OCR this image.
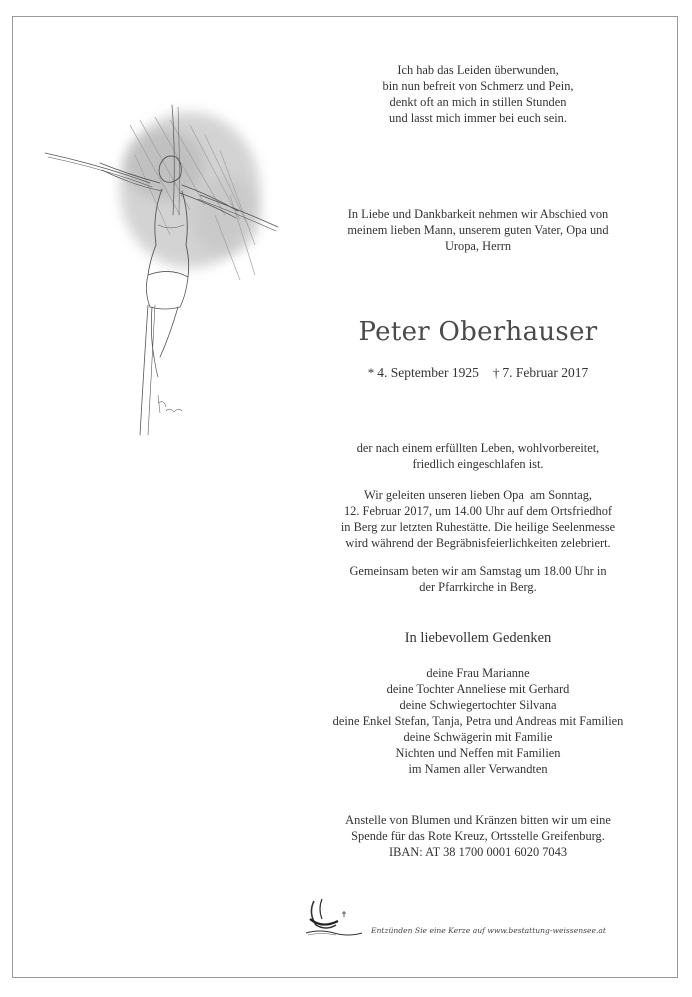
Ich hab das Leiden überwunden,
bin nun befreit von Schmerz und Pein,
denkt oft an mich in stillen Stunden
und lasst mich immer bei euch sein.
In Liebe und Dankbarkeit nehmen wir Abschied von
meinem lieben Mann, unserem guten Vater, Opa und
Uropa, Herrn
Peter Oberhauser
* 4. September 1925 † 7. Februar 2017
der nach einem erfüllten Leben, wohlvorbereitet,
friedlich eingeschlafen ist.
Wir geleiten unseren lieben Opa  am Sonntag,
12. Februar 2017, um 14.00 Uhr auf dem Ortsfriedhof
in Berg zur letzten Ruhestätte. Die heilige Seelenmesse
wird während der Begräbnisfeierlichkeiten zelebriert.
Gemeinsam beten wir am Samstag um 18.00 Uhr in
der Pfarrkirche in Berg.
In liebevollem Gedenken
deine Frau Marianne
deine Tochter Anneliese mit Gerhard
deine Schwiegertochter Silvana
deine Enkel Stefan, Tanja, Petra und Andreas mit Familien
deine Schwägerin mit Familie
Nichten und Neffen mit Familien
im Namen aller Verwandten
Anstelle von Blumen und Kränzen bitten wir um eine
Spende für das Rote Kreuz, Ortsstelle Greifenburg.
IBAN: AT 38 1700 0001 6020 7043
Entzünden Sie eine Kerze auf www.bestattung-weissensee.at
